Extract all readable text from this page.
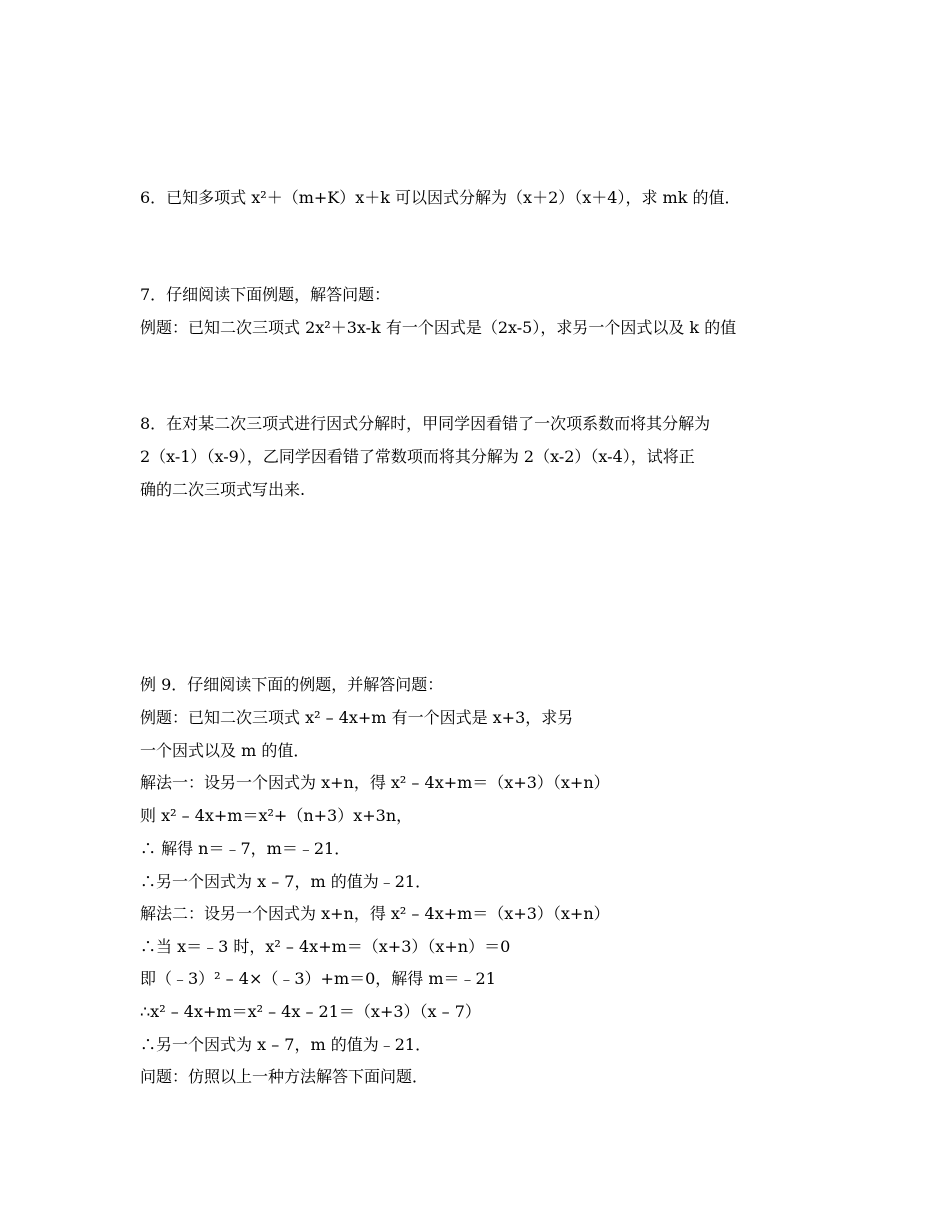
6．已知多项式 x²＋（m+K）x＋k 可以因式分解为（x＋2）（x＋4），求 mk 的值．
7．仔细阅读下面例题，解答问题：
例题：已知二次三项式 2x²＋3x-k 有一个因式是（2x-5），求另一个因式以及 k 的值
8．在对某二次三项式进行因式分解时，甲同学因看错了一次项系数而将其分解为
2（x-1）（x-9），乙同学因看错了常数项而将其分解为 2（x-2）（x-4），试将正
确的二次三项式写出来.
例 9．仔细阅读下面的例题，并解答问题：
例题：已知二次三项式 x² – 4x+m 有一个因式是 x+3，求另
一个因式以及 m 的值．
解法一：设另一个因式为 x+n，得 x² – 4x+m＝（x+3）（x+n）
则 x² – 4x+m＝x²+（n+3）x+3n，
∴ 解得 n＝﹣7，m＝﹣21．
∴另一个因式为 x – 7，m 的值为﹣21．
解法二：设另一个因式为 x+n，得 x² – 4x+m＝（x+3）（x+n）
∴当 x＝﹣3 时，x² – 4x+m＝（x+3）（x+n）＝0
即（﹣3）² – 4×（﹣3）+m＝0，解得 m＝﹣21
∴x² – 4x+m＝x² – 4x – 21＝（x+3）（x – 7）
∴另一个因式为 x – 7，m 的值为﹣21．
问题：仿照以上一种方法解答下面问题．
